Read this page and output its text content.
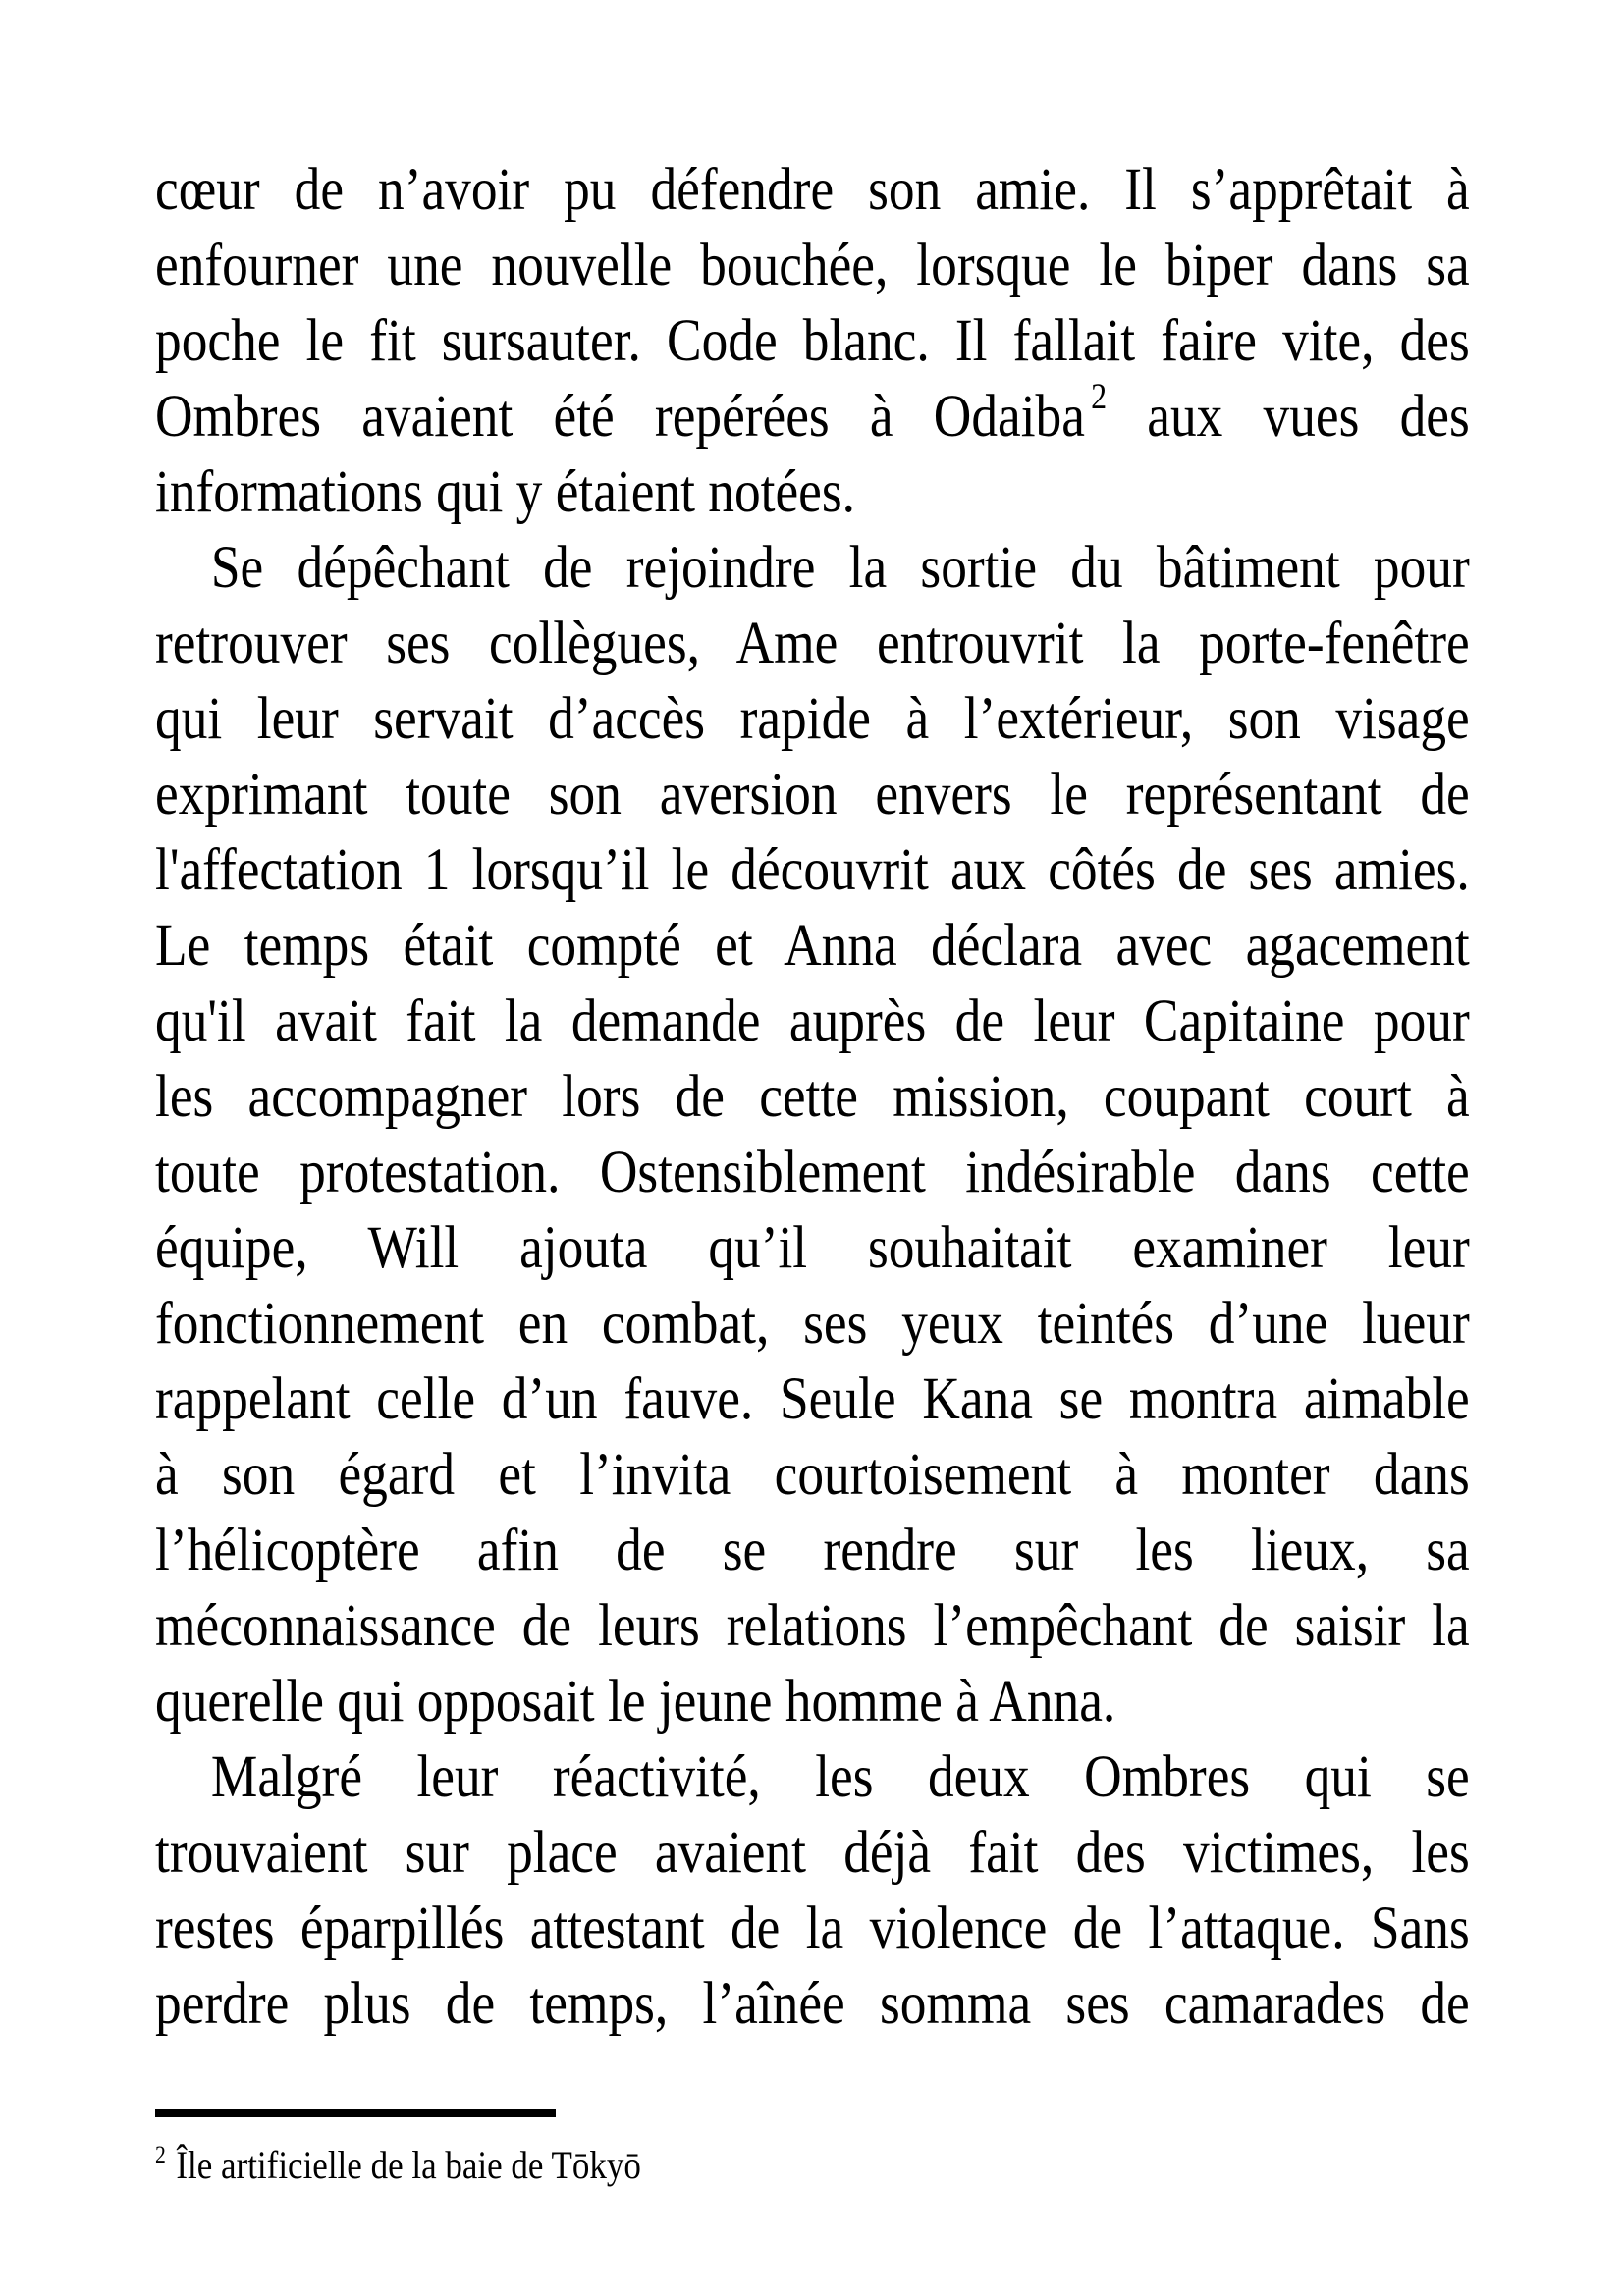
cœur de n’avoir pu défendre son amie. Il s’apprêtait à
enfourner une nouvelle bouchée, lorsque le biper dans sa
poche le fit sursauter. Code blanc. Il fallait faire vite, des
Ombres avaient été repérées à Odaiba $^2$ aux vues des
informations qui y étaient notées.
Se dépêchant de rejoindre la sortie du bâtiment pour
retrouver ses collègues, Ame entrouvrit la porte-fenêtre
qui leur servait d’accès rapide à l’extérieur, son visage
exprimant toute son aversion envers le représentant de
l'affectation 1 lorsqu’il le découvrit aux côtés de ses amies.
Le temps était compté et Anna déclara avec agacement
qu'il avait fait la demande auprès de leur Capitaine pour
les accompagner lors de cette mission, coupant court à
toute protestation. Ostensiblement indésirable dans cette
équipe, Will ajouta qu’il souhaitait examiner leur
fonctionnement en combat, ses yeux teintés d’une lueur
rappelant celle d’un fauve. Seule Kana se montra aimable
à son égard et l’invita courtoisement à monter dans
l’hélicoptère afin de se rendre sur les lieux, sa
méconnaissance de leurs relations l’empêchant de saisir la
querelle qui opposait le jeune homme à Anna.
Malgré leur réactivité, les deux Ombres qui se
trouvaient sur place avaient déjà fait des victimes, les
restes éparpillés attestant de la violence de l’attaque. Sans
perdre plus de temps, l’aînée somma ses camarades de
$^2$ Île artificielle de la baie de Tōkyō
